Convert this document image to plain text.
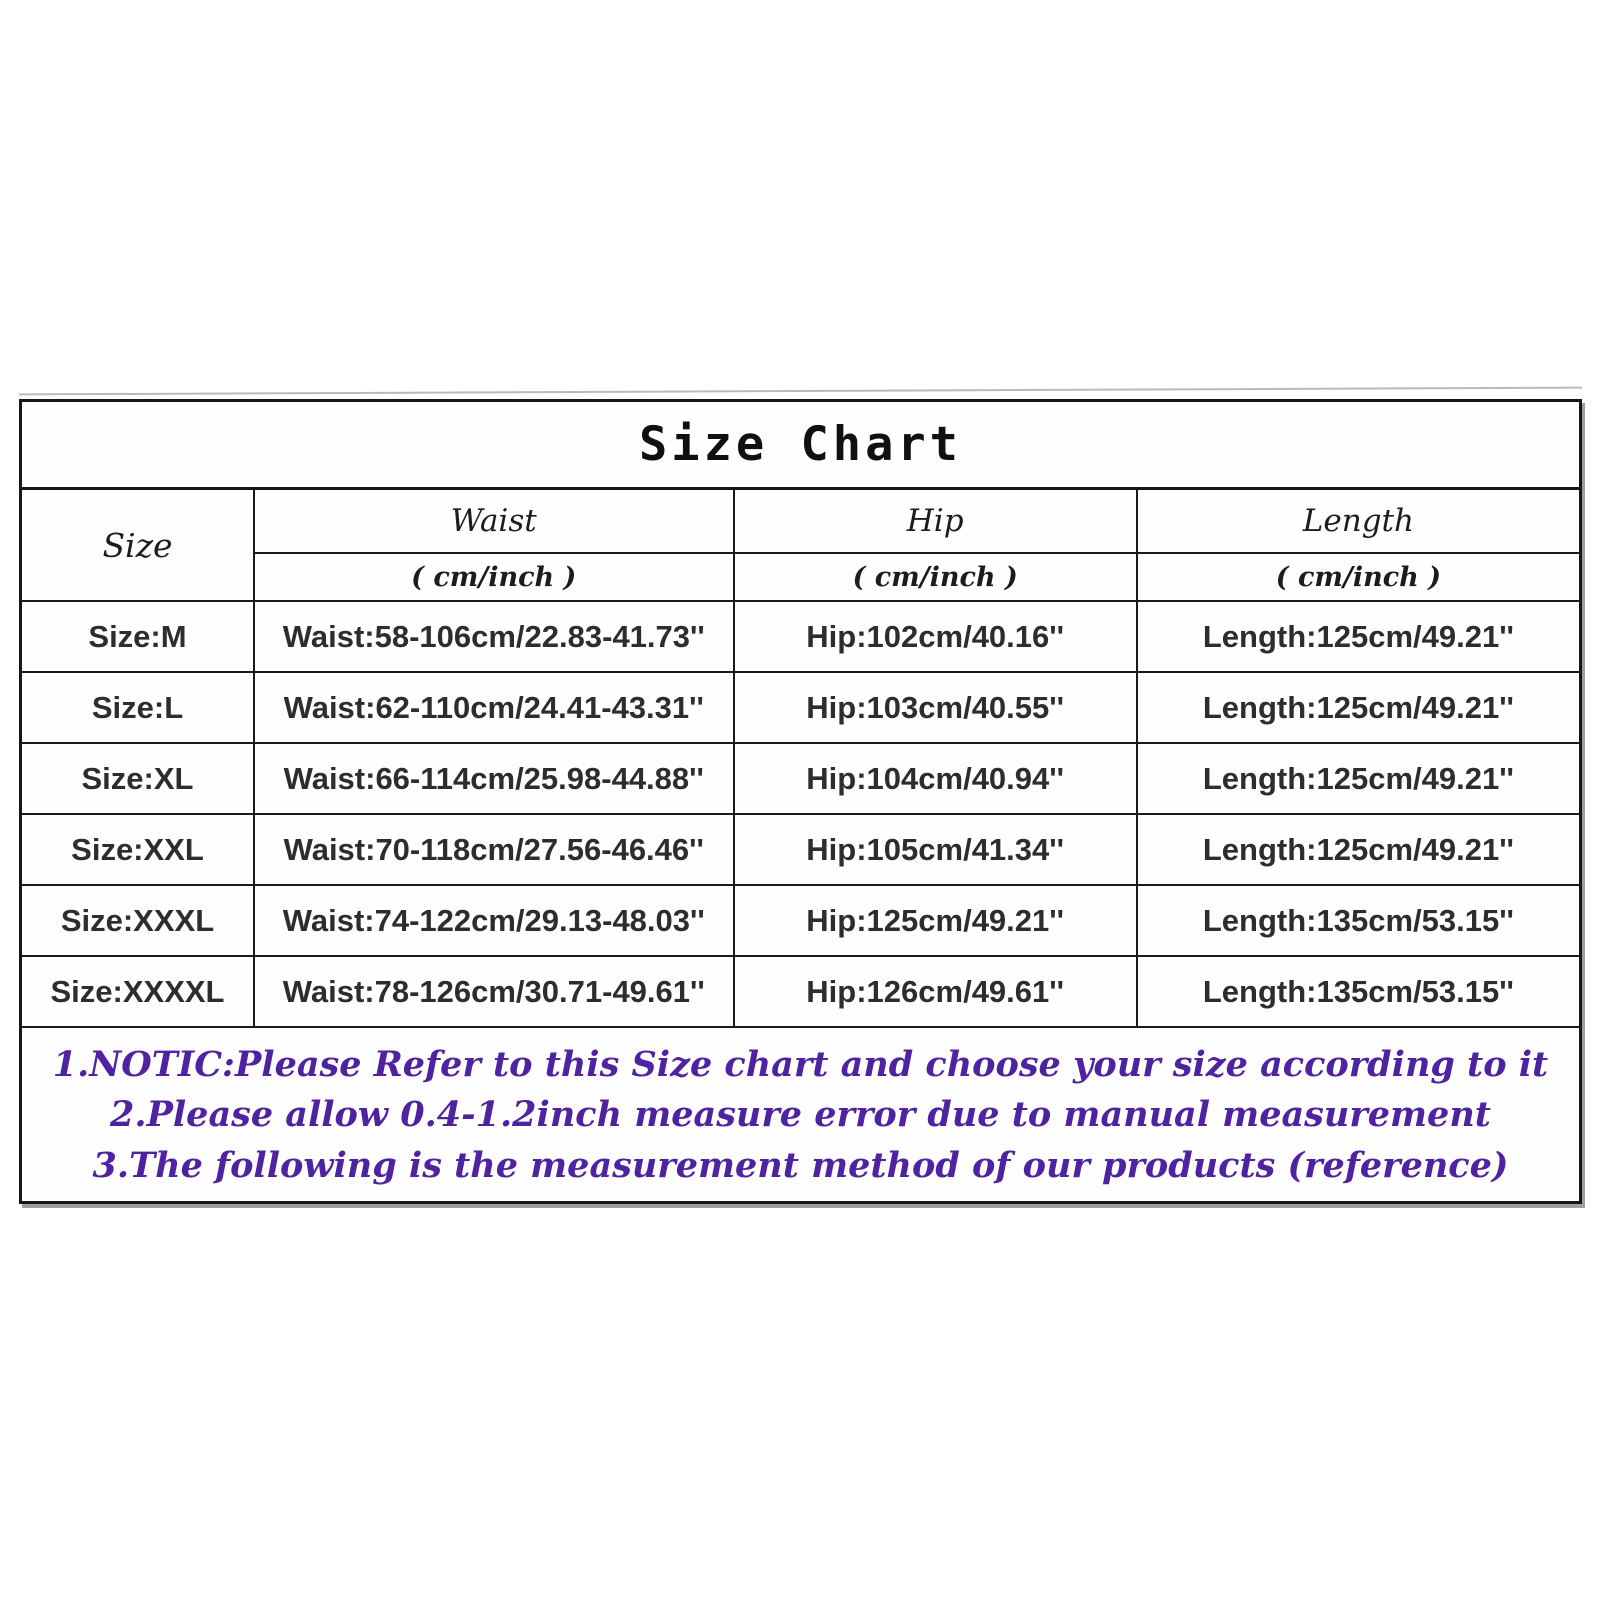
Size Chart
Size	Waist	Hip	Length
	( cm/inch )	( cm/inch )	( cm/inch )
Size:M	Waist:58-106cm/22.83-41.73''	Hip:102cm/40.16''	Length:125cm/49.21''
Size:L	Waist:62-110cm/24.41-43.31''	Hip:103cm/40.55''	Length:125cm/49.21''
Size:XL	Waist:66-114cm/25.98-44.88''	Hip:104cm/40.94''	Length:125cm/49.21''
Size:XXL	Waist:70-118cm/27.56-46.46''	Hip:105cm/41.34''	Length:125cm/49.21''
Size:XXXL	Waist:74-122cm/29.13-48.03''	Hip:125cm/49.21''	Length:135cm/53.15''
Size:XXXXL	Waist:78-126cm/30.71-49.61''	Hip:126cm/49.61''	Length:135cm/53.15''
1.NOTIC:Please Refer to this Size chart and choose your size according to it
2.Please allow 0.4-1.2inch measure error due to manual measurement
3.The following is the measurement method of our products (reference)
